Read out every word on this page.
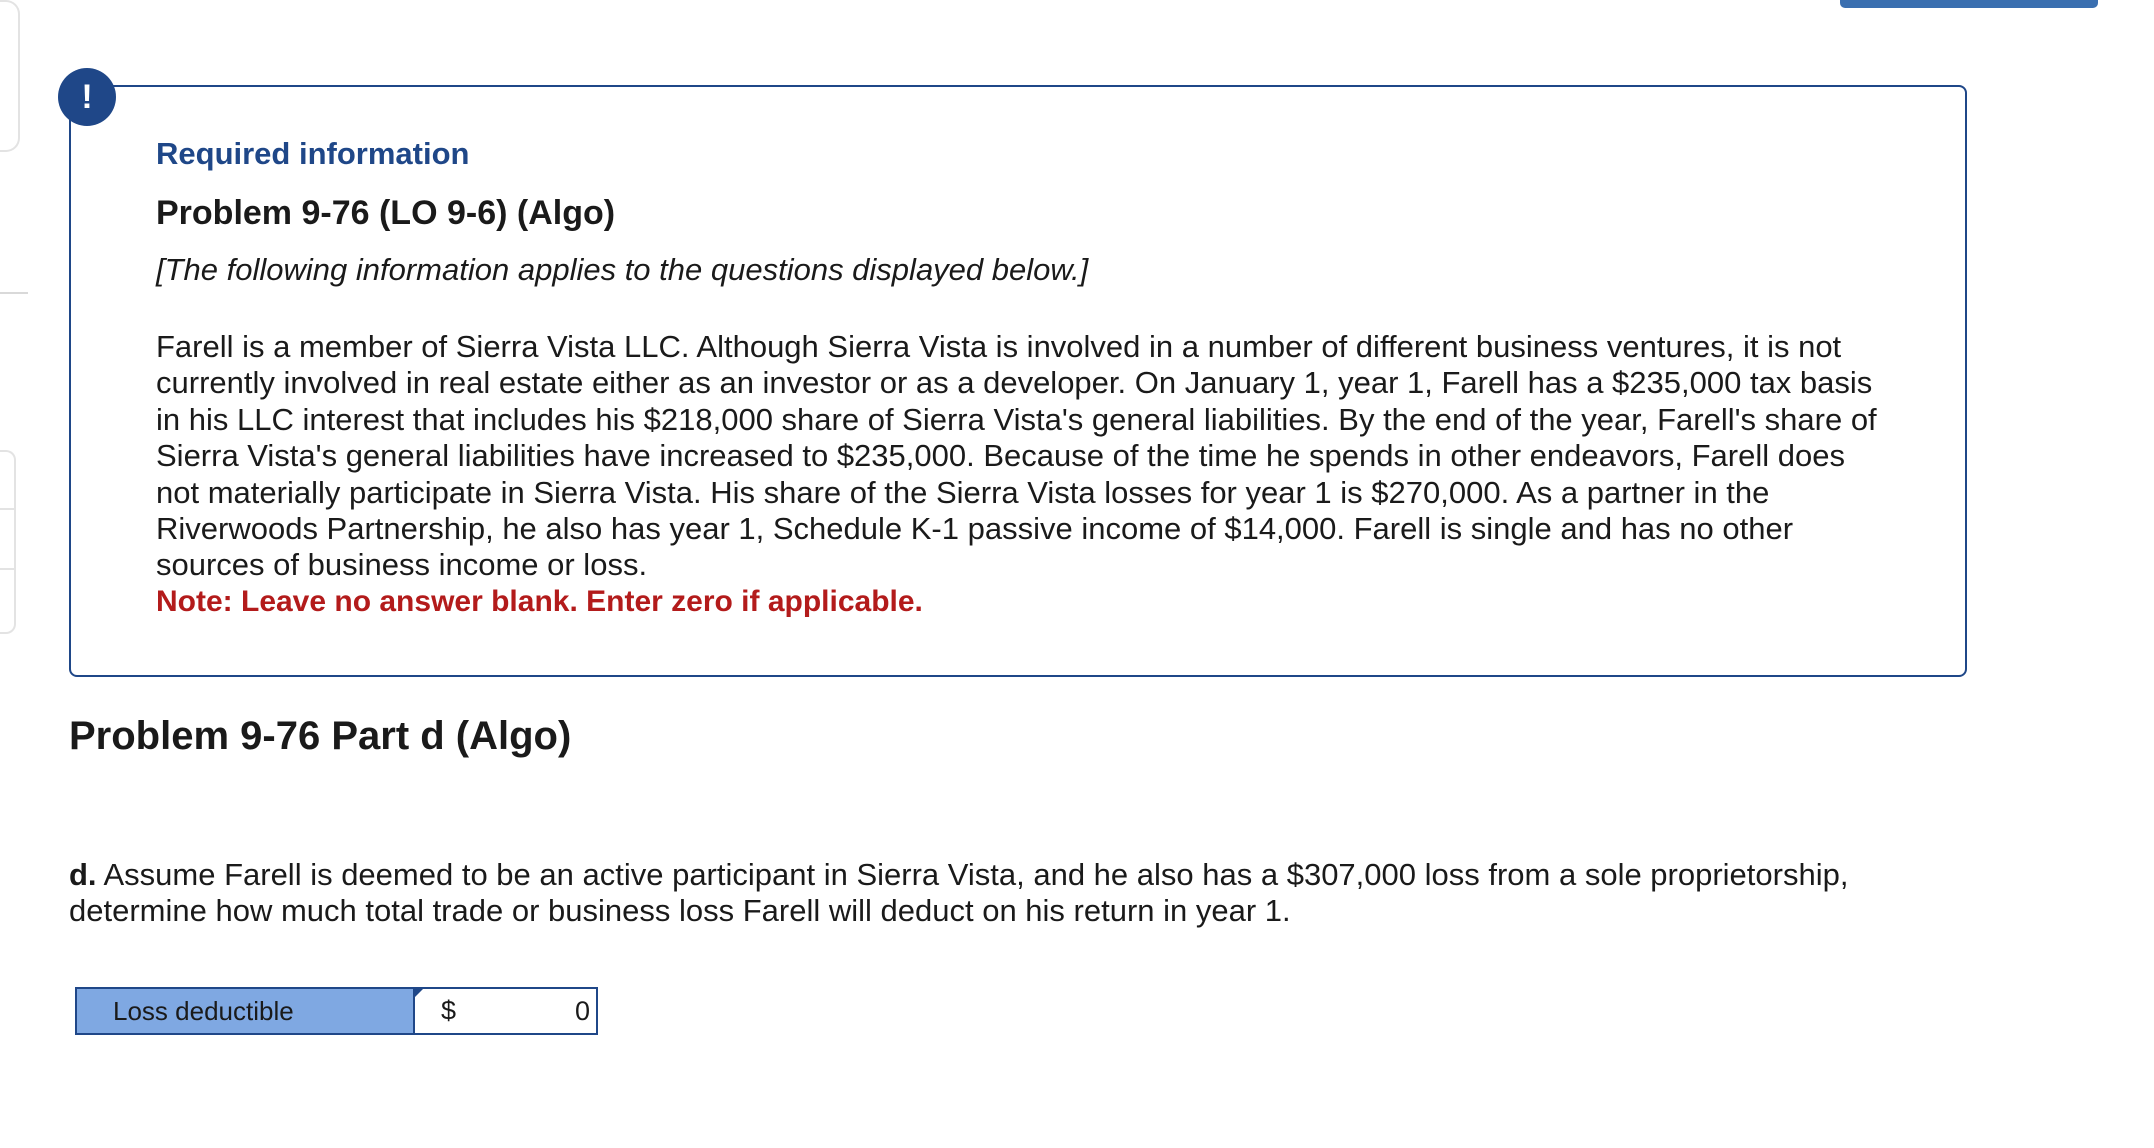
!
Required information
Problem 9-76 (LO 9-6) (Algo)
[The following information applies to the questions displayed below.]
Farell is a member of Sierra Vista LLC. Although Sierra Vista is involved in a number of different business ventures, it is not currently involved in real estate either as an investor or as a developer. On January 1, year 1, Farell has a $235,000 tax basis in his LLC interest that includes his $218,000 share of Sierra Vista's general liabilities. By the end of the year, Farell's share of Sierra Vista's general liabilities have increased to $235,000. Because of the time he spends in other endeavors, Farell does not materially participate in Sierra Vista. His share of the Sierra Vista losses for year 1 is $270,000. As a partner in the Riverwoods Partnership, he also has year 1, Schedule K-1 passive income of $14,000. Farell is single and has no other sources of business income or loss.
Note: Leave no answer blank. Enter zero if applicable.
Problem 9-76 Part d (Algo)
d. Assume Farell is deemed to be an active participant in Sierra Vista, and he also has a $307,000 loss from a sole proprietorship, determine how much total trade or business loss Farell will deduct on his return in year 1.
Loss deductible	$
0
